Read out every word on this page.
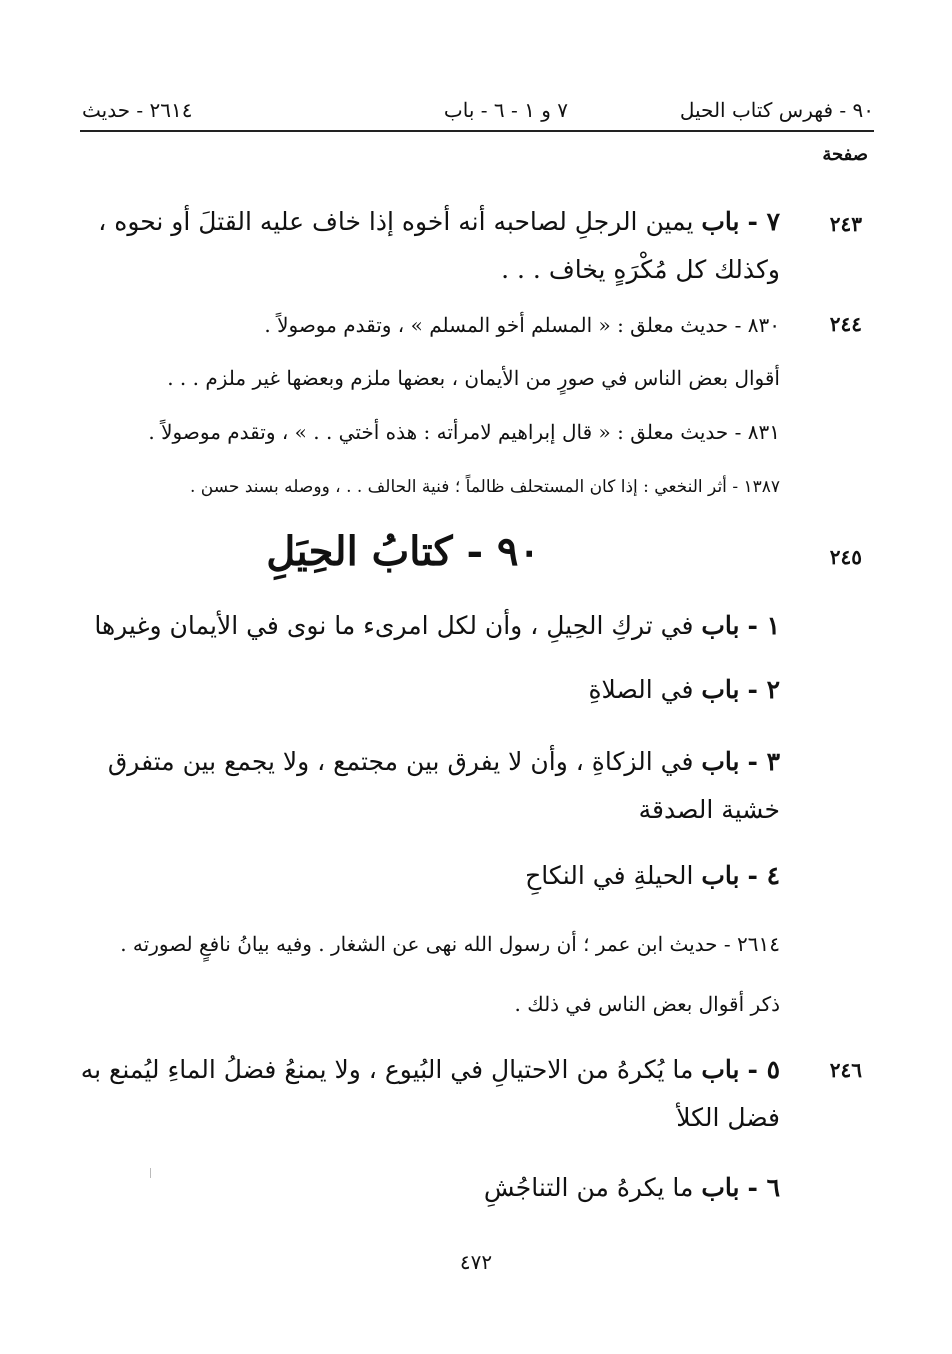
٩٠ - فهرس كتاب الحيل
٧ و ١ - ٦ - باب
٢٦١٤ - حديث
صفحة
٢٤٣
٧ - باب يمين الرجلِ لصاحبه أنه أخوه إذا خاف عليه القتلَ أو نحوه ، وكذلك كل مُكْرَهٍ يخاف . . .
٢٤٤
٨٣٠ - حديث معلق : « المسلم أخو المسلم » ، وتقدم موصولاً .
أقوال بعض الناس في صورٍ من الأيمان ، بعضها ملزم وبعضها غير ملزم . . .
٨٣١ - حديث معلق : « قال إبراهيم لامرأته : هذه أختي . . » ، وتقدم موصولاً .
١٣٨٧ - أثر النخعي : إذا كان المستحلف ظالماً ؛ فنية الحالف . . ، ووصله بسند حسن .
٢٤٥
٩٠ - كتابُ الحِيَلِ
١ - باب في تركِ الحِيلِ ، وأن لكل امرىء ما نوى في الأيمان وغيرها
٢ - باب في الصلاةِ
٣ - باب في الزكاةِ ، وأن لا يفرق بين مجتمع ، ولا يجمع بين متفرق خشية الصدقة
٤ - باب الحيلةِ في النكاحِ
٢٦١٤ - حديث ابن عمر ؛ أن رسول الله نهى عن الشغار . وفيه بيانُ نافعٍ لصورته .
ذكر أقوال بعض الناس في ذلك .
٢٤٦
٥ - باب ما يُكرهُ من الاحتيالِ في البُيوع ، ولا يمنعُ فضلُ الماءِ ليُمنع به فضل الكلأ
٦ - باب ما يكرهُ من التناجُشِ
٤٧٢
